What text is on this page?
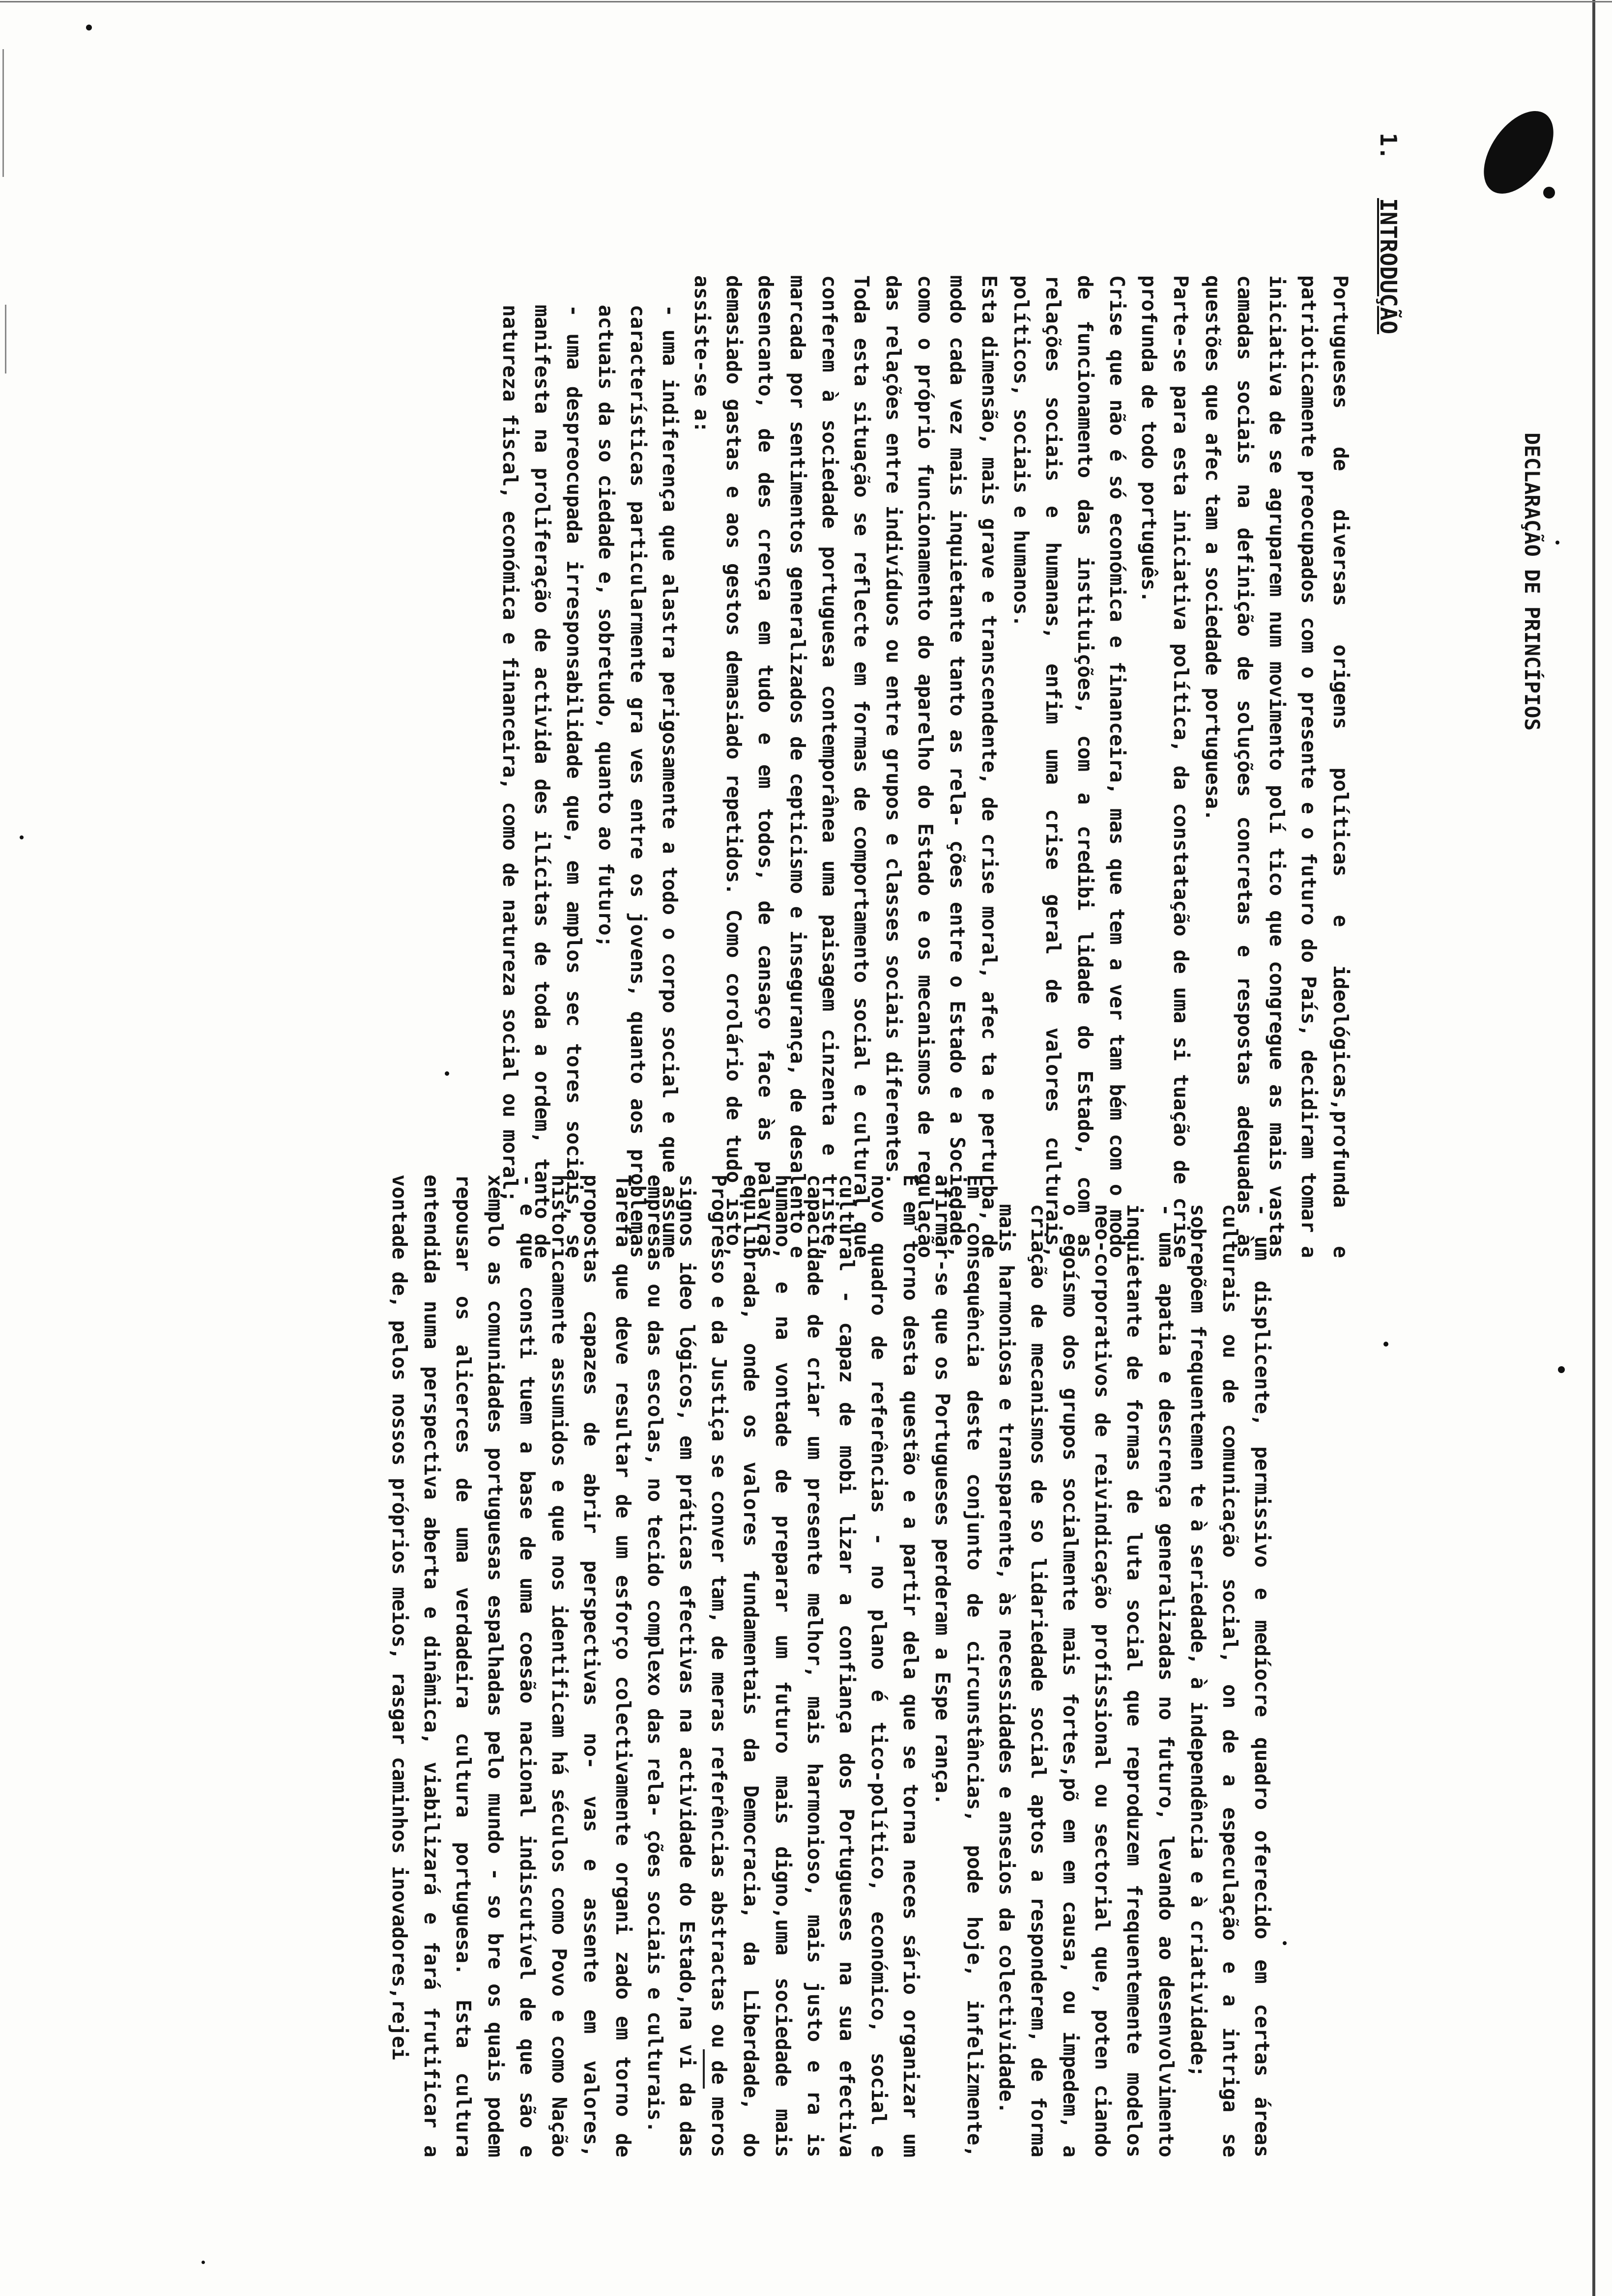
Portugueses de diversas origens políticas e ideológicas,profunda e patrioticamente preocupados com o presente e o futuro do País, decidiram tomar a iniciativa de se agruparem num movimento polí tico que congregue as mais vastas camadas sociais na definição de soluções concretas e respostas adequadas às questões que afec tam a sociedade portuguesa.

Parte-se para esta iniciativa política, da constatação de uma si tuação de crise profunda de todo português.

Crise que não é só económica e financeira, mas que tem a ver tam bém com o modo de funcionamento das instituições, com a credibi lidade do Estado, com as relações sociais e humanas, enfim uma crise geral de valores culturais, políticos, sociais e humanos.

Esta dimensão, mais grave e transcendente, de crise moral, afec ta e perturba, de modo cada vez mais inquietante tanto as rela- ções entre o Estado e a Sociedade, como o próprio funcionamento do aparelho do Estado e os mecanismos de regulação das relações entre indivíduos ou entre grupos e classes sociais diferentes.

Toda esta situação se reflecte em formas de comportamento social e cultural que conferem à sociedade portuguesa contemporânea uma paisagem cinzenta e triste, marcada por sentimentos generalizados de cepticismo e insegurança, de desalento e desencanto, de des crença em tudo e em todos, de cansaço face às palavras demasiado gastas e aos gestos demasiado repetidos. Como corolário de tudo isto, assiste-se a:

- uma indiferença que alastra perigosamente a todo o corpo social e que assume características particularmente gra ves entre os jovens, quanto aos problemas actuais da so ciedade e, sobretudo, quanto ao futuro;

- uma despreocupada irresponsabilidade que, em amplos sec tores sociais, se manifesta na proliferação de activida des ilícitas de toda a ordem, tanto de natureza fiscal, económica e financeira, como de natureza social ou moral;

- um displicente, permissivo e medíocre quadro oferecido em certas áreas culturais ou de comunicação social, on de a especulação e a intriga se sobrepõem frequentemen te à seriedade, à independência e à criatividade;

- uma apatia e descrença generalizadas no futuro, levando ao desenvolvimento inquietante de formas de luta social que reproduzem frequentemente modelos neo-corporativos de reivindicação profissional ou sectorial que, poten ciando o egoísmo dos grupos socialmente mais fortes,põ em em causa, ou impedem, a criação de mecanismos de so lidariedade social aptos a responderem, de forma mais harmoniosa e transparente, às necessidades e anseios da colectividade.

Em consequência deste conjunto de circunstâncias, pode hoje, infelizmente, afirmar-se que os Portugueses perderam a Espe rança.

É em torno desta questão e a partir dela que se torna neces sário organizar um novo quadro de referências - no plano é tico-político, económico, social e cultural - capaz de mobi lizar a confiança dos Portugueses na sua efectiva capacidade de criar um presente melhor, mais harmonioso, mais justo e ra is humano, e na vontade de preparar um futuro mais digno,uma sociedade mais equilibrada, onde os valores fundamentais da Democracia, da Liberdade, do Progresso e da Justiça se conver tam, de meras referências abstractas ou de meros signos ideo lógicos, em práticas efectivas na actividade do Estado,na vi da das empresas ou das escolas, no tecido complexo das rela- ções sociais e culturais.

Tarefa que deve resultar de um esforço colectivamente organi zado em torno de propostas capazes de abrir perspectivas no- vas e assente em valores, historicamente assumidos e que nos identificam há séculos como Povo e como Nação - e que consti tuem a base de uma coesão nacional indiscutível de que são e xemplo as comunidades portuguesas espalhadas pelo mundo - so bre os quais podem repousar os alicerces de uma verdadeira cultura portuguesa. Esta cultura entendida numa perspectiva aberta e dinâmica, viabilizará e fará frutificar a vontade de, pelos nossos próprios meios, rasgar caminhos inovadores,rejei

DECLARAÇÃO DE PRINCÍPIOS
1. INTRODUÇÃO
